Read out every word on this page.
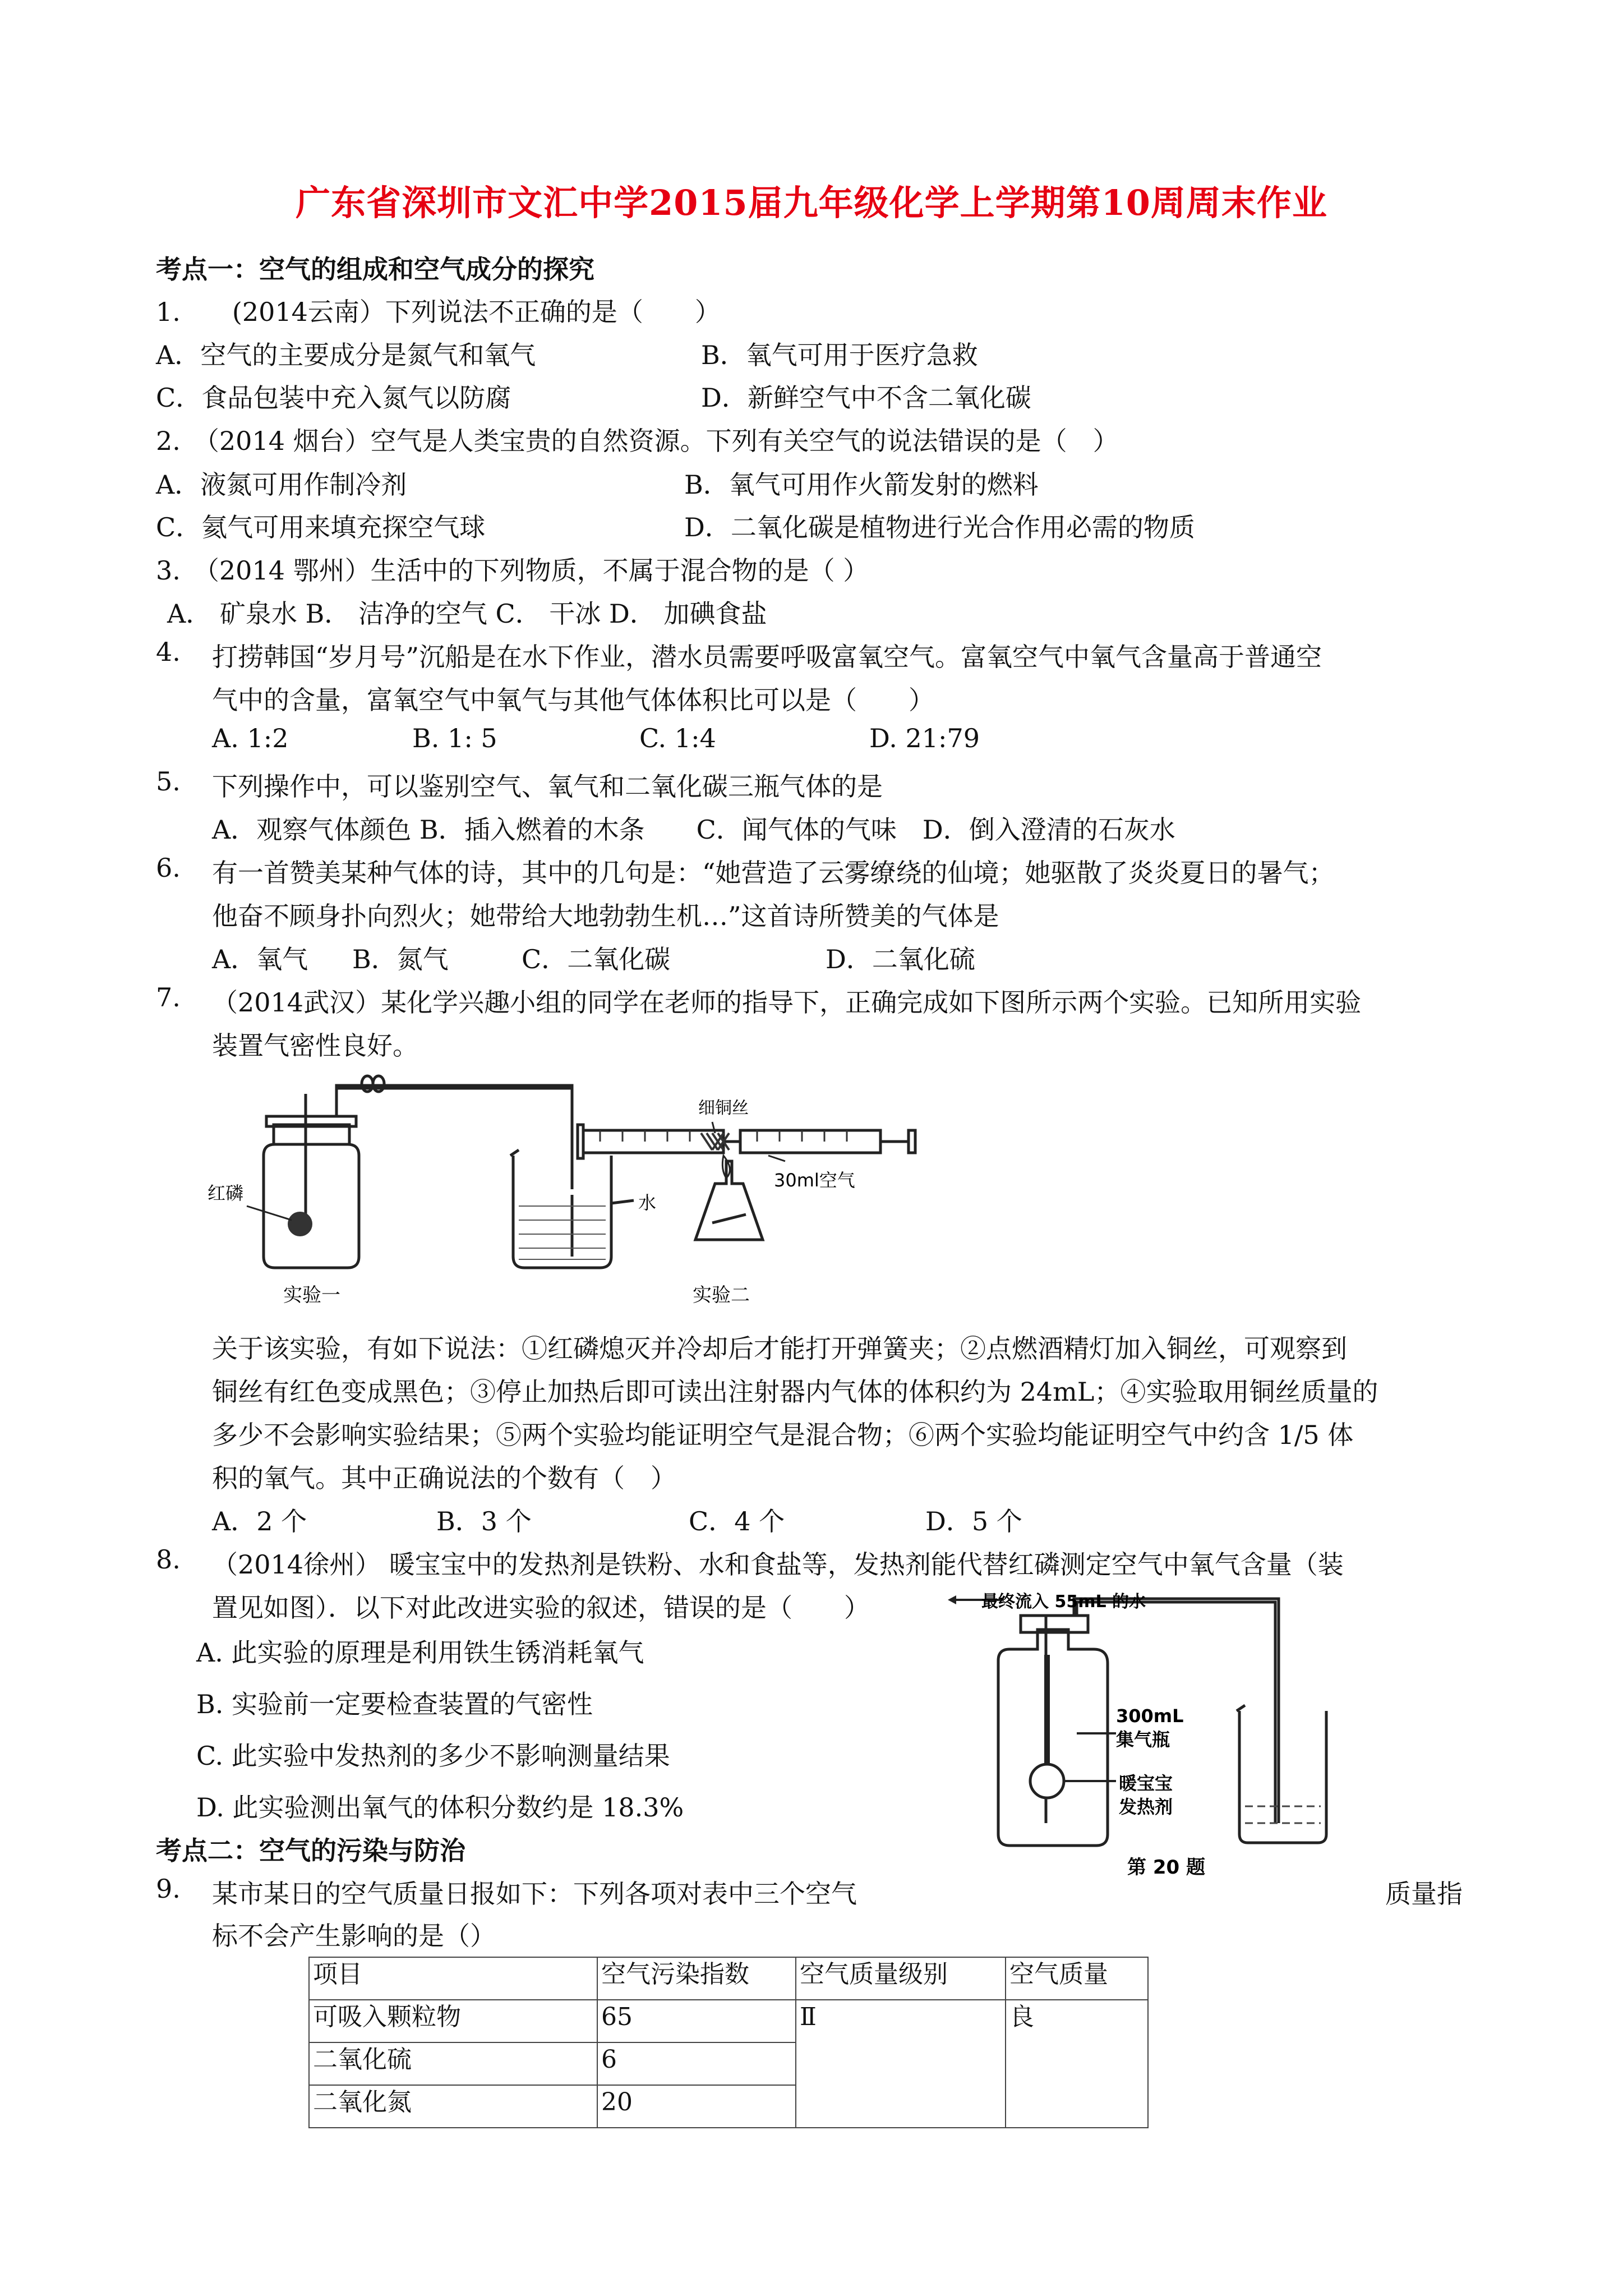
广东省深圳市文汇中学2015届九年级化学上学期第10周周末作业
考点一：空气的组成和空气成分的探究
1.　　(2014云南）下列说法不正确的是（　　）
A．空气的主要成分是氮气和氧气	B．氧气可用于医疗急救
C．食品包装中充入氮气以防腐	D．新鲜空气中不含二氧化碳
2.　（2014 烟台）空气是人类宝贵的自然资源。下列有关空气的说法错误的是（　）
A．液氮可用作制冷剂	B．氧气可用作火箭发射的燃料
C．氦气可用来填充探空气球	D．二氧化碳是植物进行光合作用必需的物质
3.　（2014 鄂州）生活中的下列物质，不属于混合物的是（ ）
A． 矿泉水 B． 洁净的空气 C． 干冰 D． 加碘食盐
4. 打捞韩国“岁月号”沉船是在水下作业，潜水员需要呼吸富氧空气。富氧空气中氧气含量高于普通空
气中的含量，富氧空气中氧气与其他气体体积比可以是（　　）
A. 1:2	B. 1: 5	C. 1:4	D. 21:79
5. 下列操作中，可以鉴别空气、氧气和二氧化碳三瓶气体的是
A．观察气体颜色 B．插入燃着的木条　　C．闻气体的气味　D．倒入澄清的石灰水
6. 有一首赞美某种气体的诗，其中的几句是：“她营造了云雾缭绕的仙境；她驱散了炎炎夏日的暑气；
他奋不顾身扑向烈火；她带给大地勃勃生机…”这首诗所赞美的气体是
A．氧气 B．氮气	C．二氧化碳	D．二氧化硫
7. （2014武汉）某化学兴趣小组的同学在老师的指导下，正确完成如下图所示两个实验。已知所用实验
装置气密性良好。
红磷	水
实验一
细铜丝
30ml空气
实验二
关于该实验，有如下说法：①红磷熄灭并冷却后才能打开弹簧夹；②点燃酒精灯加入铜丝，可观察到
铜丝有红色变成黑色；③停止加热后即可读出注射器内气体的体积约为 24mL；④实验取用铜丝质量的
多少不会影响实验结果；⑤两个实验均能证明空气是混合物；⑥两个实验均能证明空气中约含 1/5 体
积的氧气。其中正确说法的个数有（　）
A．2 个	B．3 个	C．4 个	D．5 个
8. （2014徐州） 暖宝宝中的发热剂是铁粉、水和食盐等，发热剂能代替红磷测定空气中氧气含量（装
置见如图）．以下对此改进实验的叙述，错误的是（　　）
A. 此实验的原理是利用铁生锈消耗氧气
B. 实验前一定要检查装置的气密性
C. 此实验中发热剂的多少不影响测量结果
D. 此实验测出氧气的体积分数约是 18.3%
最终流入 55mL 的水
300mL
集气瓶
暖宝宝
发热剂
第 20 题
考点二：空气的污染与防治
9. 某市某日的空气质量日报如下：下列各项对表中三个空气	质量指
标不会产生影响的是（）
项目	空气污染指数	空气质量级别	空气质量
可吸入颗粒物	65	Ⅱ	良
二氧化硫	6		
二氧化氮	20		
